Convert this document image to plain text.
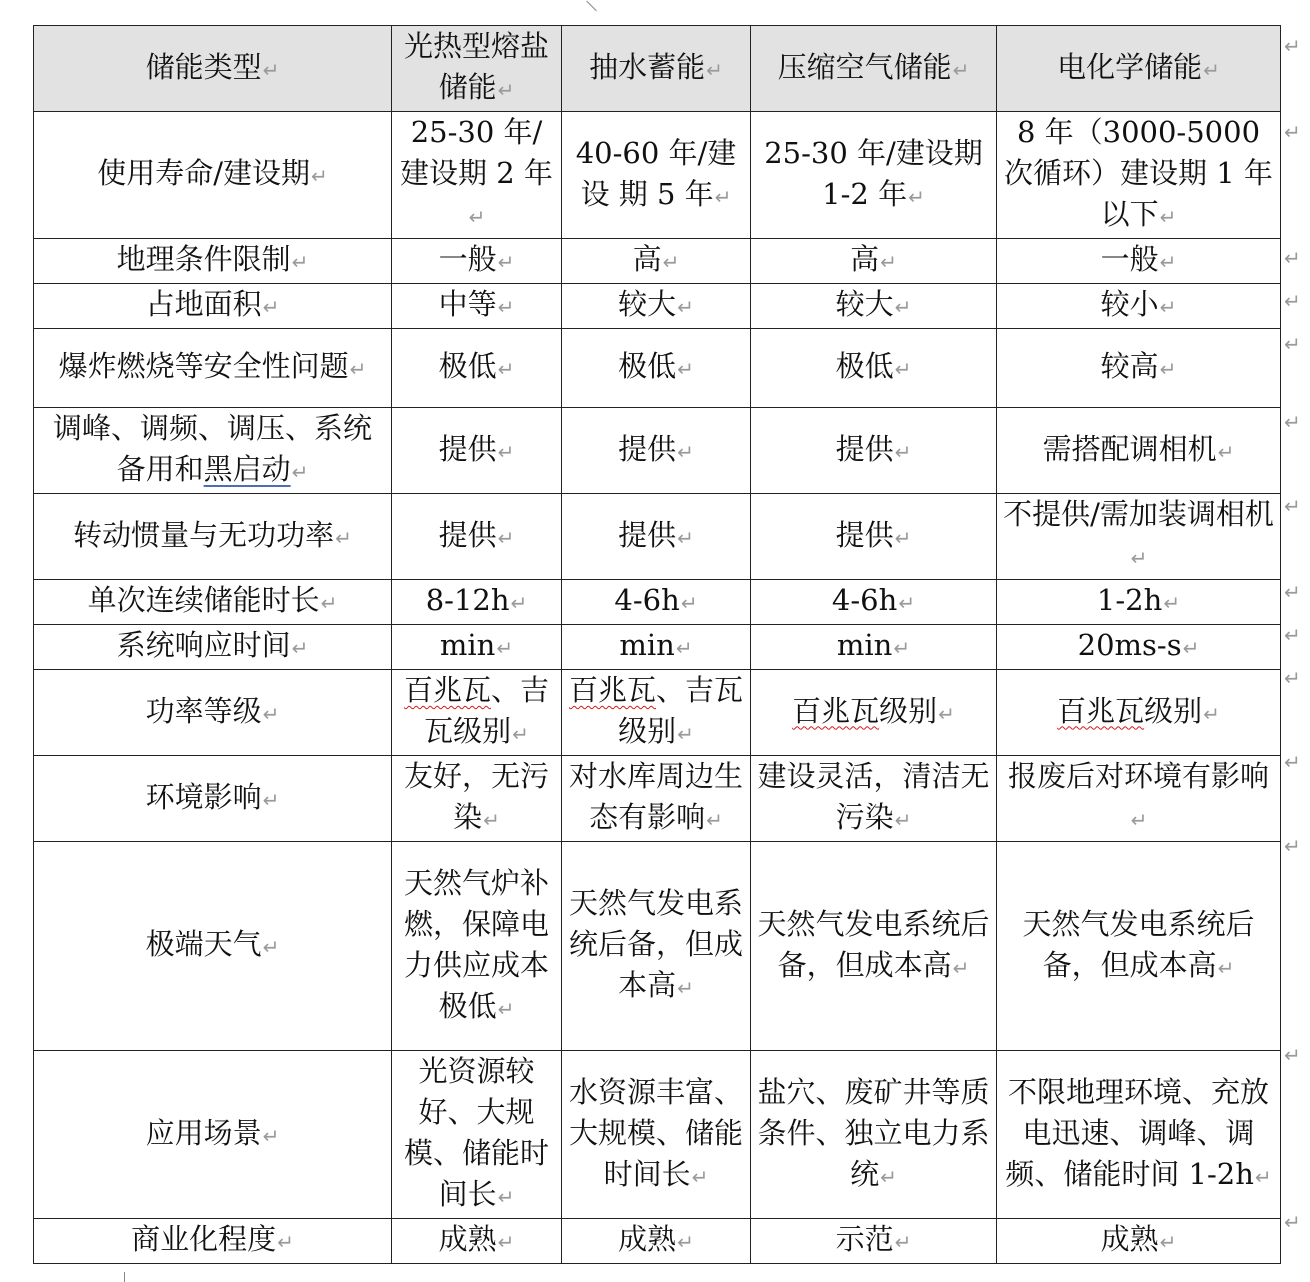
储能类型↵	光热型熔盐储能↵	抽水蓄能↵	压缩空气储能↵	电化学储能↵
使用寿命/建设期↵	25-30 年/建设期 2 年↵	40-60 年/建设 期 5 年↵	25-30 年/建设期 1-2 年↵	8 年（3000-5000 次循环）建设期 1 年以下↵
地理条件限制↵	一般↵	高↵	高↵	一般↵
占地面积↵	中等↵	较大↵	较大↵	较小↵
爆炸燃烧等安全性问题↵	极低↵	极低↵	极低↵	较高↵
调峰、调频、调压、系统备用和黑启动↵	提供↵	提供↵	提供↵	需搭配调相机↵
转动惯量与无功功率↵	提供↵	提供↵	提供↵	不提供/需加装调相机↵
单次连续储能时长↵	8-12h↵	4-6h↵	4-6h↵	1-2h↵
系统响应时间↵	min↵	min↵	min↵	20ms-s↵
功率等级↵	百兆瓦、吉瓦级别↵	百兆瓦、吉瓦级别↵	百兆瓦级别↵	百兆瓦级别↵
环境影响↵	友好，无污染↵	对水库周边生态有影响↵	建设灵活，清洁无污染↵	报废后对环境有影响↵
极端天气↵	天然气炉补燃，保障电力供应成本极低↵	天然气发电系统后备，但成本高↵	天然气发电系统后备，但成本高↵	天然气发电系统后备，但成本高↵
应用场景↵	光资源较好、大规模、储能时间长↵	水资源丰富、大规模、储能时间长↵	盐穴、废矿井等质条件、独立电力系统↵	不限地理环境、充放电迅速、调峰、调频、储能时间 1-2h↵
商业化程度↵	成熟↵	成熟↵	示范↵	成熟↵
↵
↵
↵
↵
↵
↵
↵
↵
↵
↵
↵
↵
↵
↵
